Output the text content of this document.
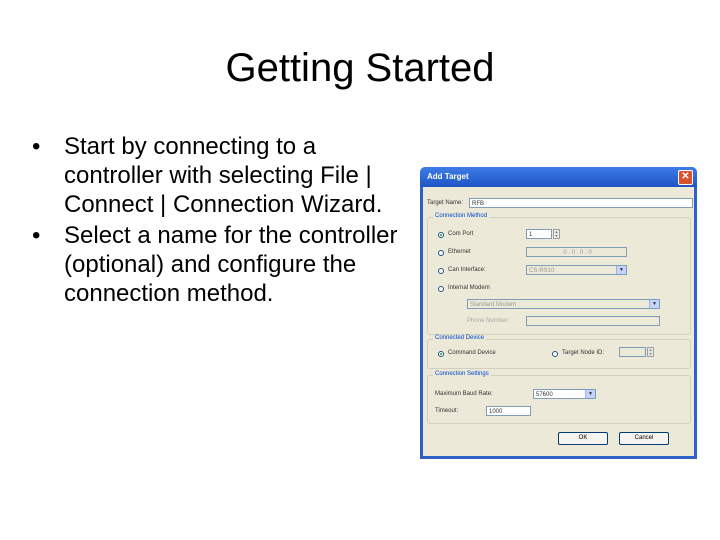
Getting Started
• Start by connecting to a controller with selecting File | Connect | Connection Wizard.
• Select a name for the controller (optional) and configure the connection method.
Add Target	✕
Target Name:	RFB
Connection Method
Com Port	1
▴
▾
Ethernet	0 . 0 . 0 . 0
Can Interface:	CS-RS10	▼
Internal Modem
Standard Modem	▼
Phone Number:
Connected Device
Command Device	Target Node ID:
▴
▾
Connection Settings
Maximum Baud Rate:	57600	▼
Timeout:	1000
OK	Cancel
